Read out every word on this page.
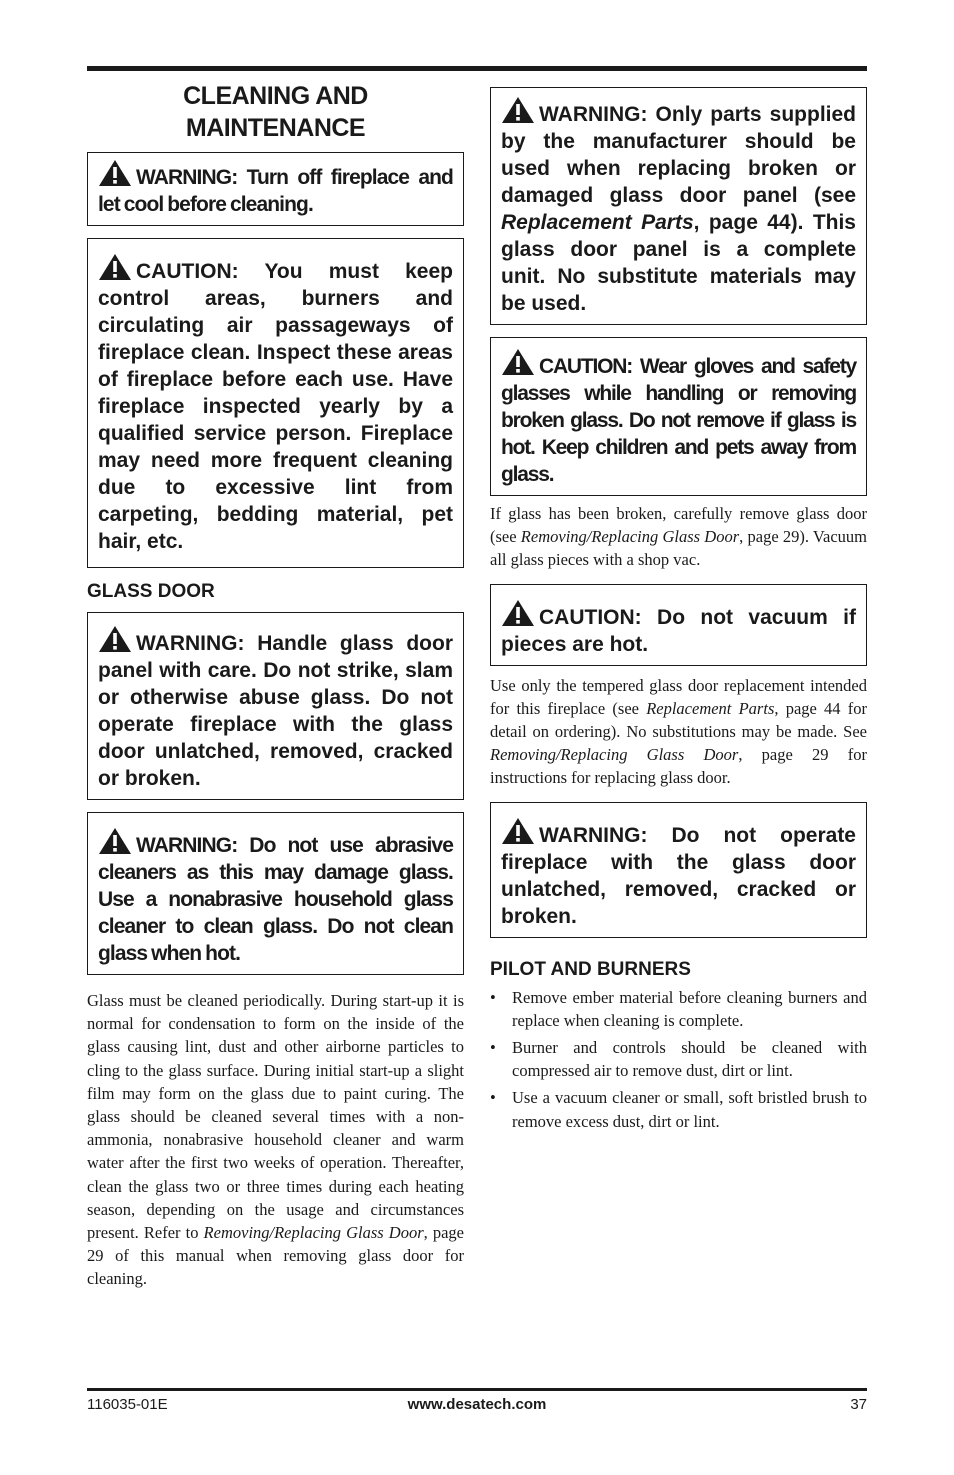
CLEANING AND
MAINTENANCE
WARNING: Turn off fireplace and let cool before cleaning.
CAUTION: You must keep control areas, burners and circulating air passageways of fireplace clean. Inspect these areas of fireplace before each use. Have fireplace inspected yearly by a qualified service person. Fireplace may need more frequent cleaning due to excessive lint from carpeting, bedding material, pet hair, etc.
GLASS DOOR
WARNING: Handle glass door panel with care. Do not strike, slam or otherwise abuse glass. Do not operate fireplace with the glass door unlatched, removed, cracked or broken.
WARNING: Do not use abrasive cleaners as this may damage glass. Use a nonabrasive household glass cleaner to clean glass. Do not clean glass when hot.

Glass must be cleaned periodically. During start-up it is normal for condensation to form on the inside of the glass causing lint, dust and other airborne particles to cling to the glass surface. During initial start-up a slight film may form on the glass due to paint curing. The glass should be cleaned several times with a non-ammonia, nonabrasive household cleaner and warm water after the first two weeks of operation. Thereafter, clean the glass two or three times during each heating season, depending on the usage and circumstances present. Refer to Removing/Replacing Glass Door, page 29 of this manual when removing glass door for cleaning.

WARNING: Only parts supplied by the manufacturer should be used when replacing broken or damaged glass door panel (see Replacement Parts, page 44). This glass door panel is a complete unit. No substitute materials may be used.
CAUTION: Wear gloves and safety glasses while handling or removing broken glass. Do not remove if glass is hot. Keep children and pets away from glass.

If glass has been broken, carefully remove glass door (see Removing/Replacing Glass Door, page 29). Vacuum all glass pieces with a shop vac.

CAUTION: Do not vacuum if pieces are hot.

Use only the tempered glass door replacement intended for this fireplace (see Replacement Parts, page 44 for detail on ordering). No substitutions may be made. See Removing/Replacing Glass Door, page 29 for instructions for replacing glass door.

WARNING: Do not operate fireplace with the glass door unlatched, removed, cracked or broken.
PILOT AND BURNERS
• Remove ember material before cleaning burners and replace when cleaning is complete.
• Burner and controls should be cleaned with compressed air to remove dust, dirt or lint.
• Use a vacuum cleaner or small, soft bristled brush to remove excess dust, dirt or lint.
116035-01E	www.desatech.com	37
